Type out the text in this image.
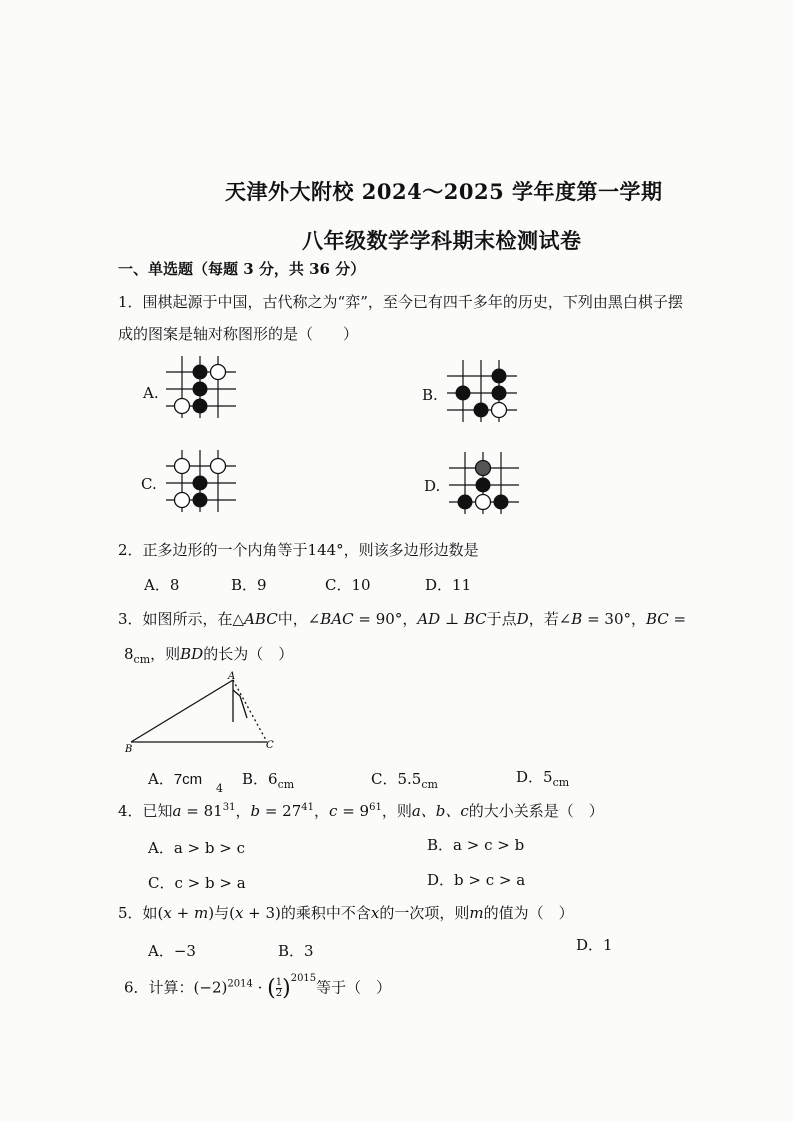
天津外大附校 2024～2025 学年度第一学期
八年级数学学科期末检测试卷
一、单选题（每题 3 分，共 36 分）
1．围棋起源于中国，古代称之为“弈”，至今已有四千多年的历史，下列由黑白棋子摆
成的图案是轴对称图形的是（　　）
A.	B.
C.	D.
2．正多边形的一个内角等于144°，则该多边形边数是
A．8	B．9	C．10	D．11
3．如图所示，在△ABC中，∠BAC = 90°，AD ⊥ BC于点D，若∠B = 30°，BC =
$8_{cm}$，则BD的长为（　）
A
B	C
A．7cm
4
B．$6_{cm}$	C．$5.5_{cm}$	D．$5_{cm}$
4．已知$a = 81^{31}$，$b = 27^{41}$，$c = 9^{61}$，则a、b、c的大小关系是（　）
A．a > b > c	B．a > c > b
C．c > b > a	D．b > c > a
5．如(x + m)与(x + 3)的乘积中不含x的一次项，则m的值为（　）
A．−3	B．3	D．1
6．计算：$(-2)^{2014}$ · ( $\frac{1}{2} )^{2015}$等于（　）
